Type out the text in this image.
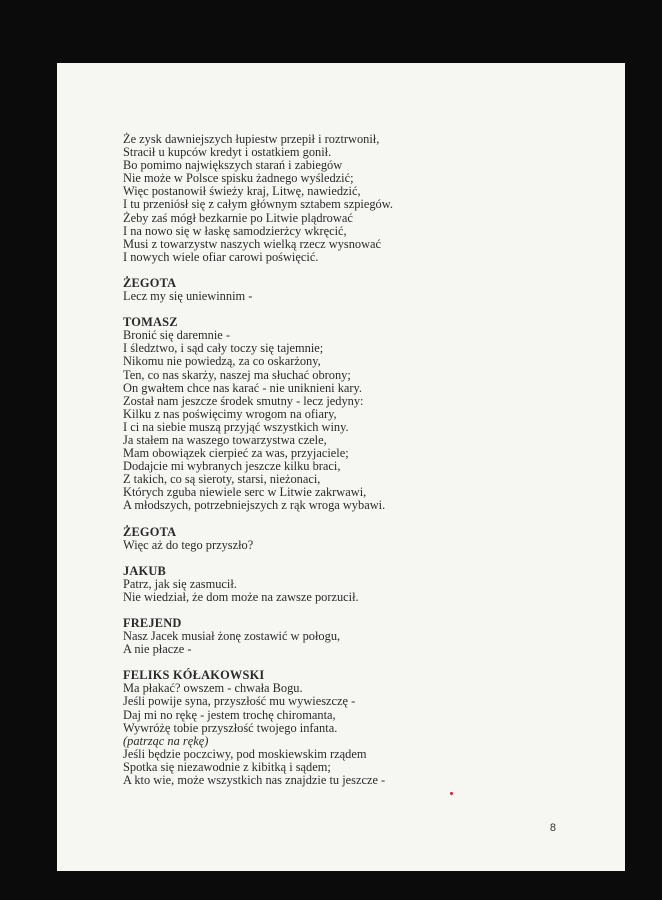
Że zysk dawniejszych łupiestw przepił i roztrwonił,
Stracił u kupców kredyt i ostatkiem gonił.
Bo pomimo największych starań i zabiegów
Nie może w Polsce spisku żadnego wyśledzić;
Więc postanowił świeży kraj, Litwę, nawiedzić,
I tu przeniósł się z całym głównym sztabem szpiegów.
Żeby zaś mógł bezkarnie po Litwie plądrować
I na nowo się w łaskę samodzierżcy wkręcić,
Musi z towarzystw naszych wielką rzecz wysnować
I nowych wiele ofiar carowi poświęcić.
ŻEGOTA
Lecz my się uniewinnim -
TOMASZ
Bronić się daremnie -
I śledztwo, i sąd cały toczy się tajemnie;
Nikomu nie powiedzą, za co oskarżony,
Ten, co nas skarży, naszej ma słuchać obrony;
On gwałtem chce nas karać - nie uniknieni kary.
Został nam jeszcze środek smutny - lecz jedyny:
Kilku z nas poświęcimy wrogom na ofiary,
I ci na siebie muszą przyjąć wszystkich winy.
Ja stałem na waszego towarzystwa czele,
Mam obowiązek cierpieć za was, przyjaciele;
Dodajcie mi wybranych jeszcze kilku braci,
Z takich, co są sieroty, starsi, nieżonaci,
Których zguba niewiele serc w Litwie zakrwawi,
A młodszych, potrzebniejszych z rąk wroga wybawi.
ŻEGOTA
Więc aż do tego przyszło?
JAKUB
Patrz, jak się zasmucił.
Nie wiedział, że dom może na zawsze porzucił.
FREJEND
Nasz Jacek musiał żonę zostawić w połogu,
A nie płacze -
FELIKS KÓŁAKOWSKI
Ma płakać? owszem - chwała Bogu.
Jeśli powije syna, przyszłość mu wywieszczę -
Daj mi no rękę - jestem trochę chiromanta,
Wywróżę tobie przyszłość twojego infanta.
(patrząc na rękę)
Jeśli będzie poczciwy, pod moskiewskim rządem
Spotka się niezawodnie z kibitką i sądem;
A kto wie, może wszystkich nas znajdzie tu jeszcze -
8
